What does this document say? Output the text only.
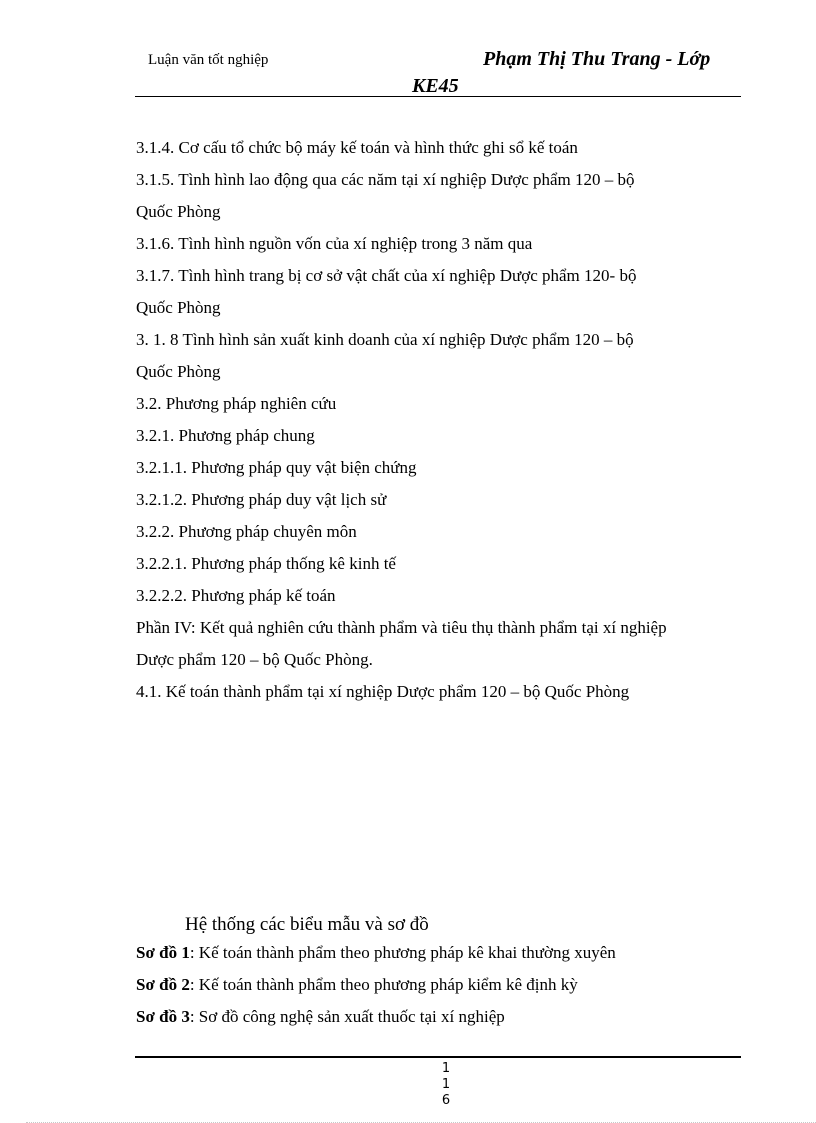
Luận văn tốt nghiệp	Phạm Thị Thu Trang - Lớp
KE45
3.1.4. Cơ cấu tổ chức bộ máy kế toán và hình thức ghi sổ kế toán
3.1.5. Tình hình lao động qua các năm tại xí nghiệp Dược phẩm 120 – bộ
Quốc Phòng
3.1.6. Tình hình nguồn vốn của xí nghiệp trong 3 năm qua
3.1.7. Tình hình trang bị cơ sở vật chất của xí nghiệp Dược phẩm 120- bộ
Quốc Phòng
3. 1. 8 Tình hình sản xuất kinh doanh của xí nghiệp Dược phẩm 120 – bộ
Quốc Phòng
3.2. Phương pháp nghiên cứu
3.2.1. Phương pháp chung
3.2.1.1. Phương pháp quy vật biện chứng
3.2.1.2. Phương pháp duy vật lịch sử
3.2.2. Phương pháp chuyên môn
3.2.2.1. Phương pháp thống kê kinh tế
3.2.2.2. Phương pháp kế toán
Phần IV: Kết quả nghiên cứu thành phẩm và tiêu thụ thành phẩm tại xí nghiệp
Dược phẩm 120 – bộ Quốc Phòng.
4.1. Kế toán thành phẩm tại xí nghiệp Dược phẩm 120 – bộ Quốc Phòng
Hệ thống các biểu mẫu và sơ đồ
Sơ đồ 1: Kế toán thành phẩm theo phương pháp kê khai thường xuyên
Sơ đồ 2: Kế toán thành phẩm theo phương pháp kiểm kê định kỳ
Sơ đồ 3: Sơ đồ công nghệ sản xuất thuốc tại xí nghiệp
1
1
6
